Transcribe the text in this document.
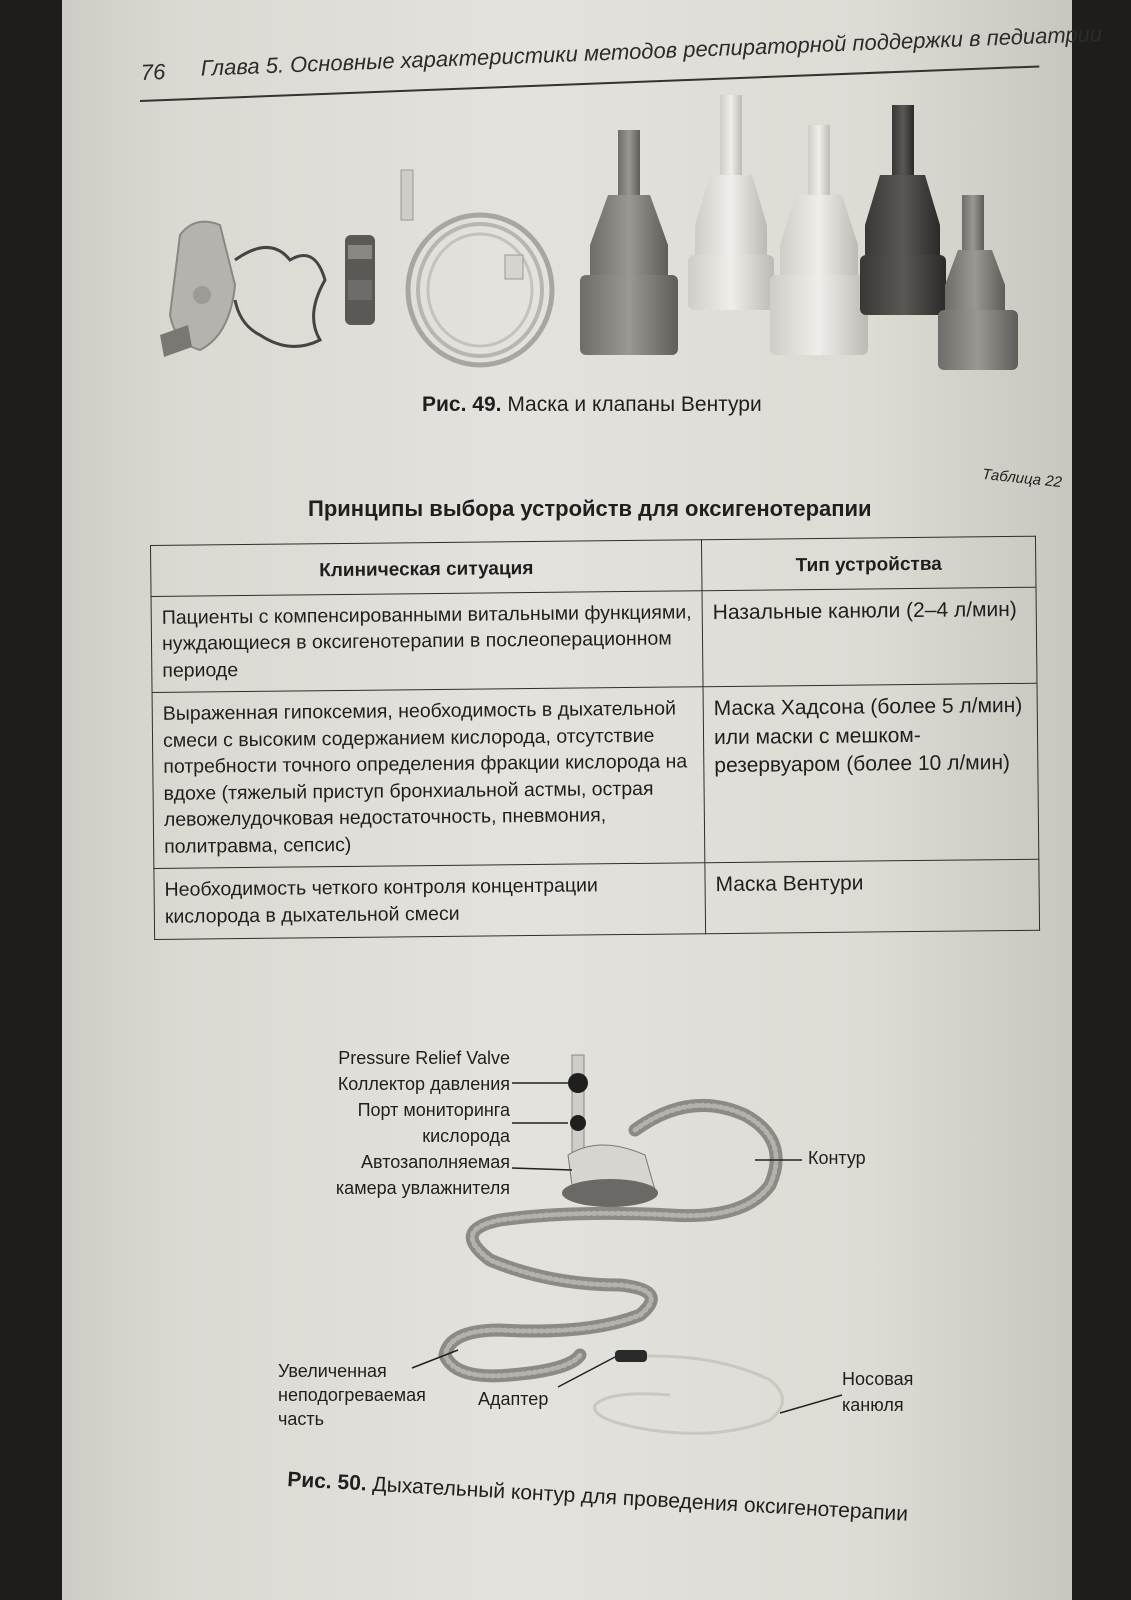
76 Глава 5. Основные характеристики методов респираторной поддержки в педиатрии
Рис. 49. Маска и клапаны Вентури
Таблица 22
Принципы выбора устройств для оксигенотерапии
Клиническая ситуация	Тип устройства
Пациенты с компенсированными витальными функциями, нуждающиеся в оксигенотерапии в послеоперационном периоде	Назальные канюли (2–4 л/мин)
Выраженная гипоксемия, необходимость в дыхательной смеси с высоким содержанием кислорода, отсутствие потребности точного определения фракции кислорода на вдохе (тяжелый приступ бронхиальной астмы, острая левожелудочковая недостаточность, пневмония, политравма, сепсис)	Маска Хадсона (более 5 л/мин) или маски с мешком-резервуаром (более 10 л/мин)
Необходимость четкого контроля концентрации кислорода в дыхательной смеси	Маска Вентури
Pressure Relief Valve
Коллектор давления
Порт мониторинга
кислорода
Автозаполняемая
камера увлажнителя
Контур
Увеличенная
неподогреваемая
часть
Адаптер
Носовая
канюля
Рис. 50. Дыхательный контур для проведения оксигенотерапии
